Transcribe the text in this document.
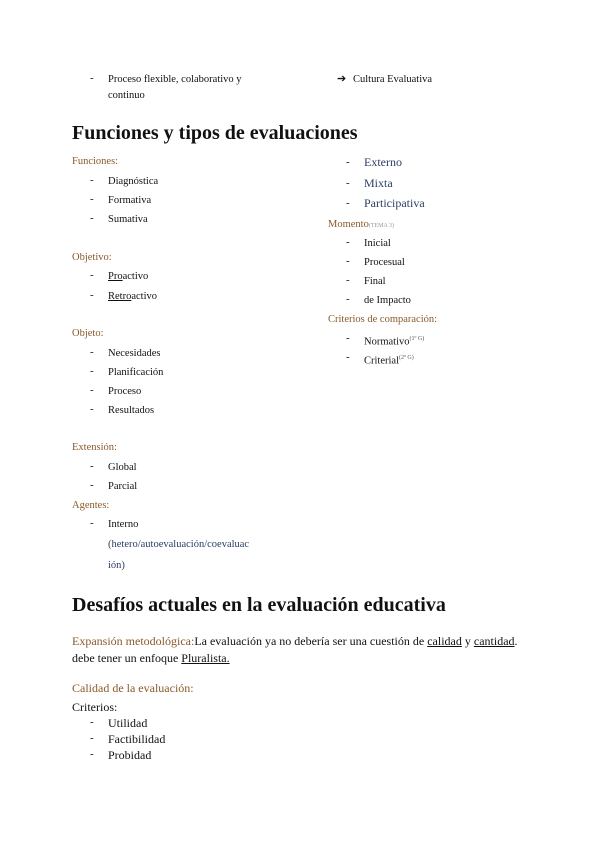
- Proceso flexible, colaborativo y
continuo
➔ Cultura Evaluativa
Funciones y tipos de evaluaciones
Funciones:
- Diagnóstica
- Formativa
- Sumativa
Objetivo:
- Proactivo
- Retroactivo
Objeto:
- Necesidades
- Planificación
- Proceso
- Resultados
Extensión:
- Global
- Parcial
Agentes:
- Interno
(hetero/autoevaluación/coevaluac
ión)
- Externo
- Mixta
- Participativa
Momento(TEMA 3)
- Inicial
- Procesual
- Final
- de Impacto
Criterios de comparación:
- Normativo$^{(1º G)}$
- Criterial$^{(2º G)}$
Desafíos actuales en la evaluación educativa
Expansión metodológica:La evaluación ya no debería ser una cuestión de calidad y cantidad.
debe tener un enfoque Pluralista.
Calidad de la evaluación:
Criterios:
- Utilidad
- Factibilidad
- Probidad
